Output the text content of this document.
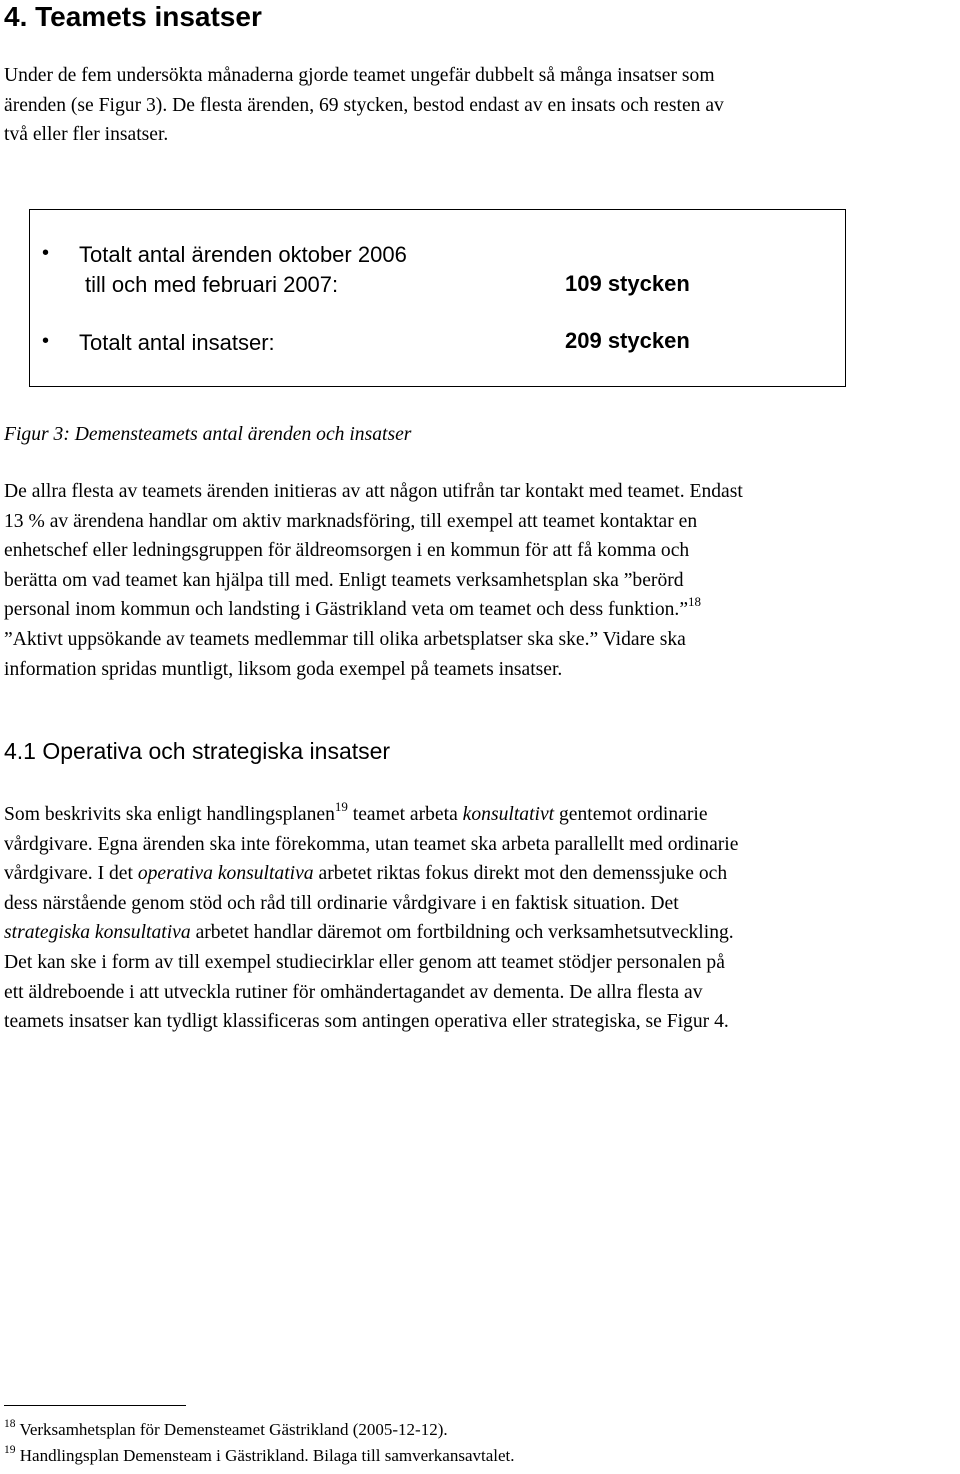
4. Teamets insatser

Under de fem undersökta månaderna gjorde teamet ungefär dubbelt så många insatser som
ärenden (se Figur 3). De flesta ärenden, 69 stycken, bestod endast av en insats och resten av
två eller fler insatser.

• Totalt antal ärenden oktober 2006
till och med februari 2007:	109 stycken
• Totalt antal insatser:	209 stycken
Figur 3: Demensteamets antal ärenden och insatser

De allra flesta av teamets ärenden initieras av att någon utifrån tar kontakt med teamet. Endast
13 % av ärendena handlar om aktiv marknadsföring, till exempel att teamet kontaktar en
enhetschef eller ledningsgruppen för äldreomsorgen i en kommun för att få komma och
berätta om vad teamet kan hjälpa till med. Enligt teamets verksamhetsplan ska ”berörd
personal inom kommun och landsting i Gästrikland veta om teamet och dess funktion.”$^{18}$
”Aktivt uppsökande av teamets medlemmar till olika arbetsplatser ska ske.” Vidare ska
information spridas muntligt, liksom goda exempel på teamets insatser.

4.1 Operativa och strategiska insatser

Som beskrivits ska enligt handlingsplanen$^{19}$ teamet arbeta konsultativt gentemot ordinarie
vårdgivare. Egna ärenden ska inte förekomma, utan teamet ska arbeta parallellt med ordinarie
vårdgivare. I det operativa konsultativa arbetet riktas fokus direkt mot den demenssjuke och
dess närstående genom stöd och råd till ordinarie vårdgivare i en faktisk situation. Det
strategiska konsultativa arbetet handlar däremot om fortbildning och verksamhetsutveckling.
Det kan ske i form av till exempel studiecirklar eller genom att teamet stödjer personalen på
ett äldreboende i att utveckla rutiner för omhändertagandet av dementa. De allra flesta av
teamets insatser kan tydligt klassificeras som antingen operativa eller strategiska, se Figur 4.

$^{18}$ Verksamhetsplan för Demensteamet Gästrikland (2005-12-12).
$^{19}$ Handlingsplan Demensteam i Gästrikland. Bilaga till samverkansavtalet.
